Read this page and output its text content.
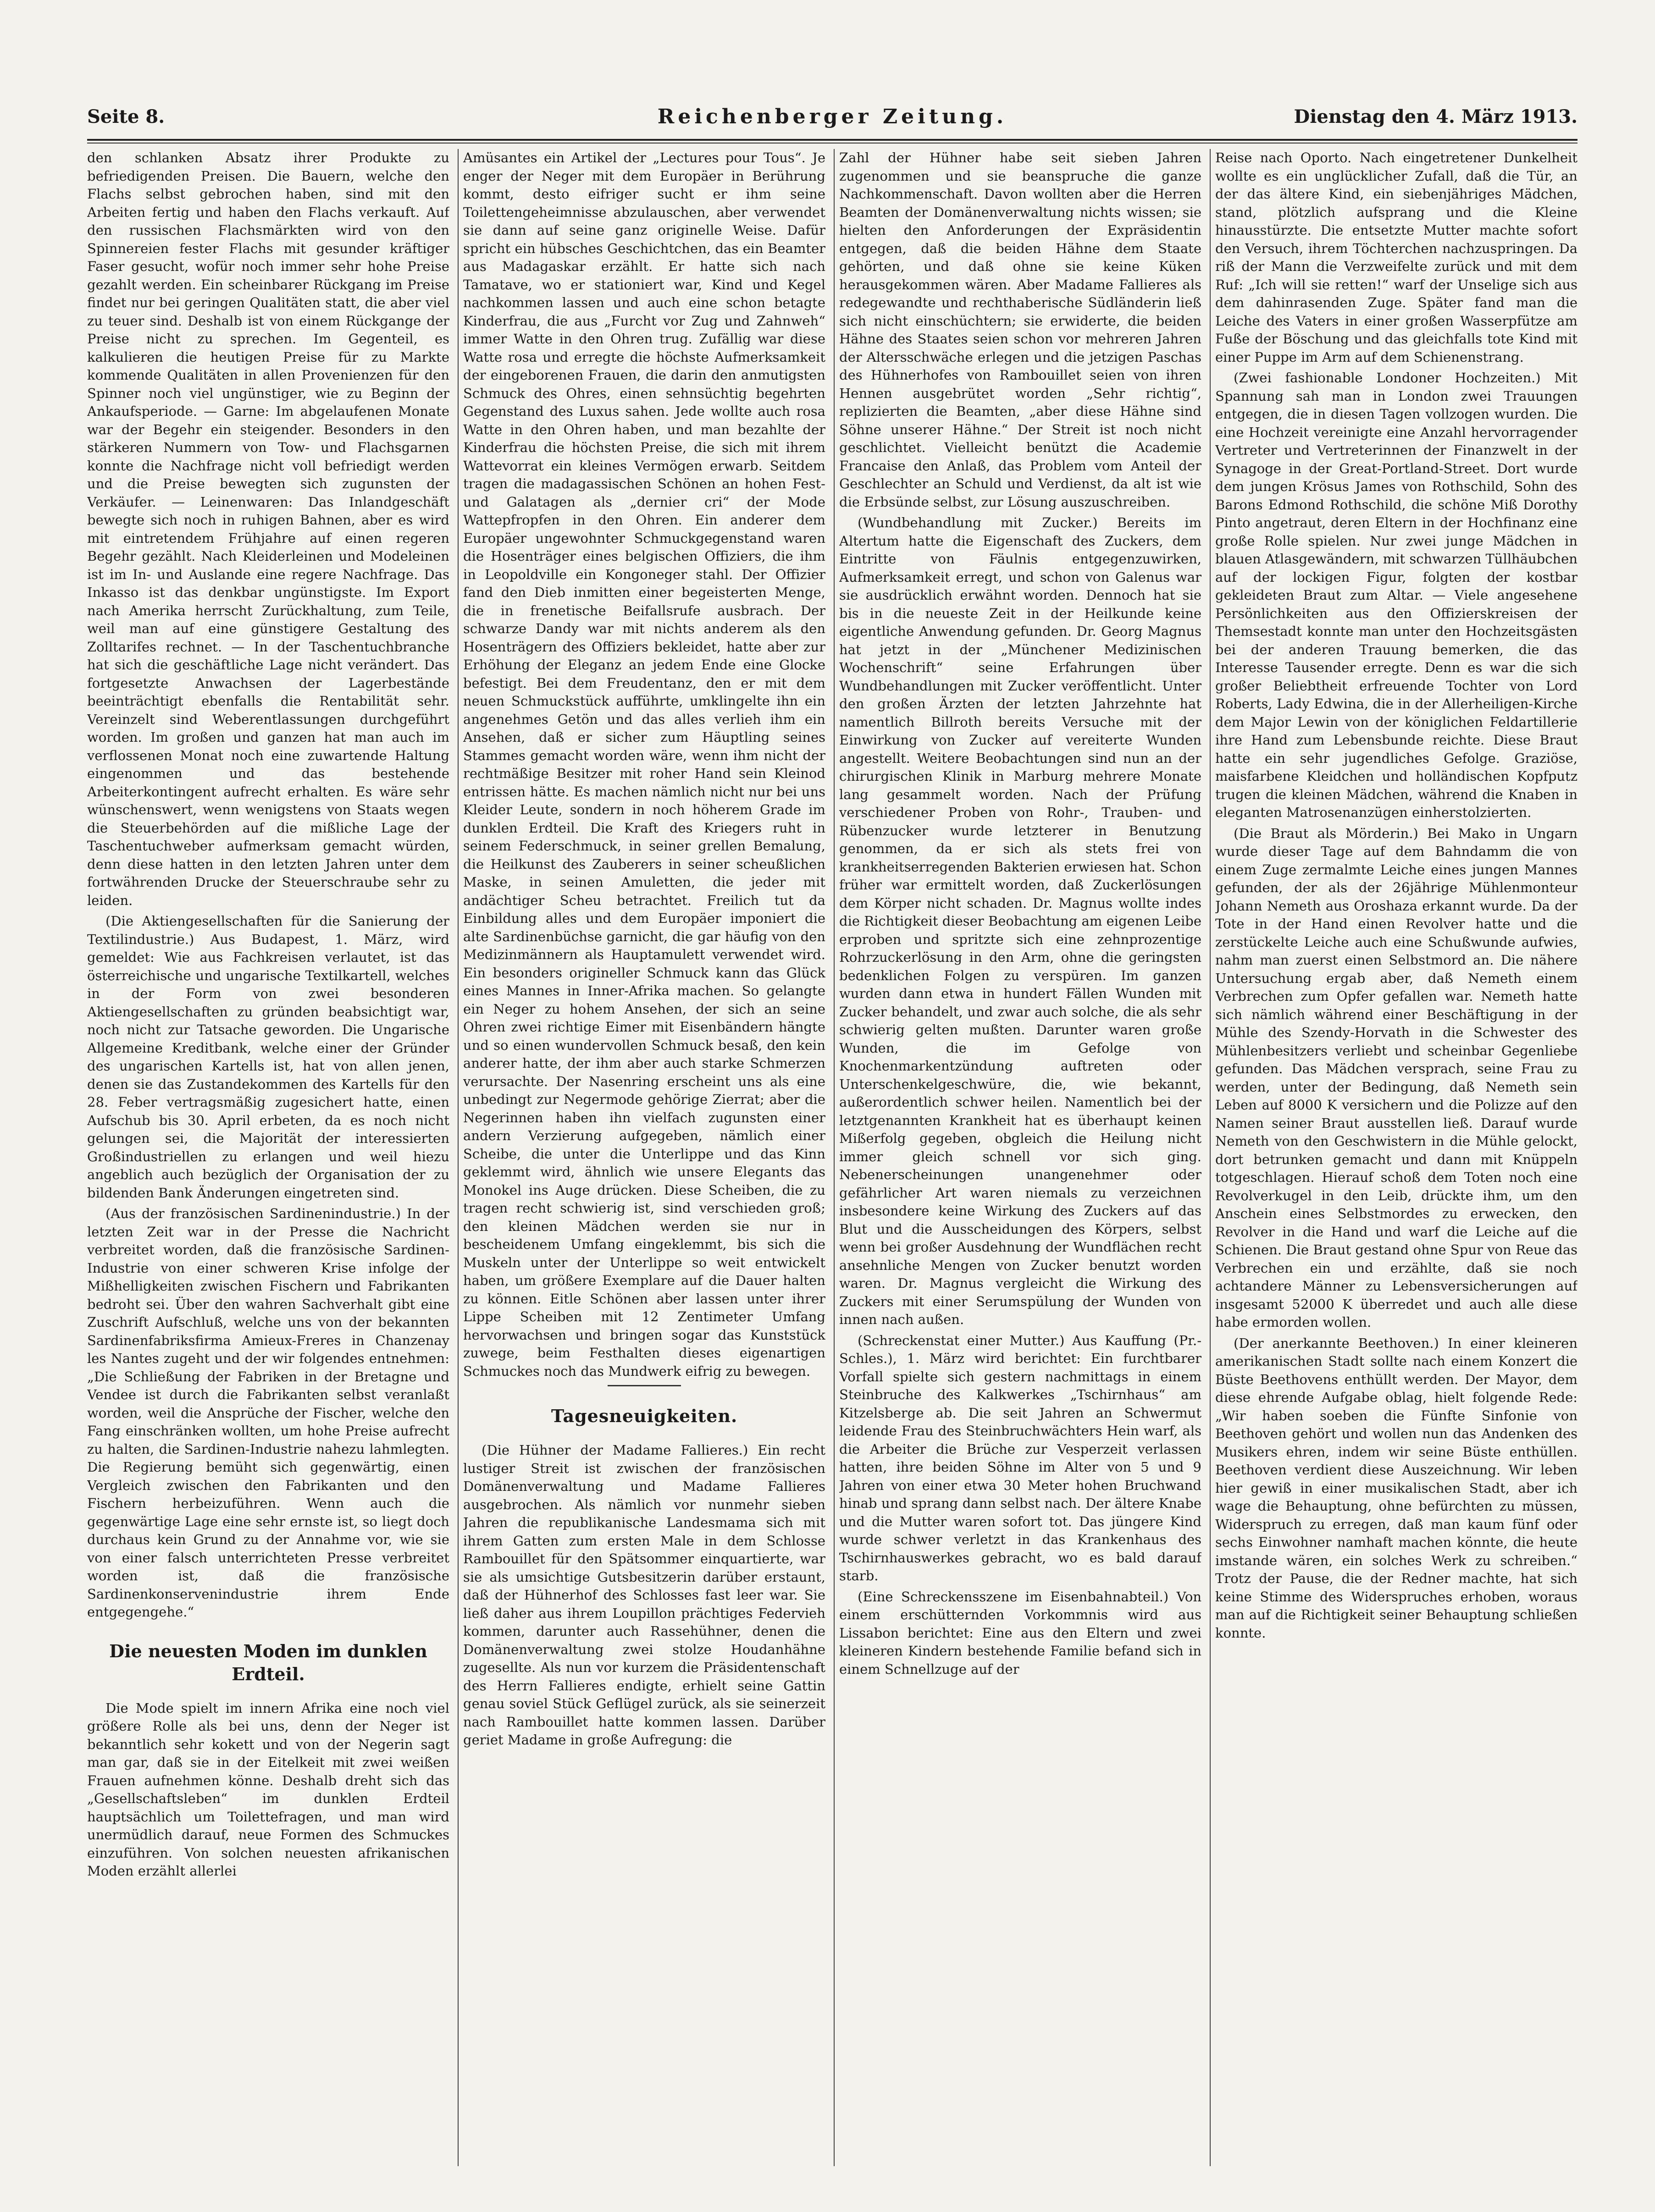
Seite 8.	Reichenberger Zeitung.	Dienstag den 4. März 1913.

den schlanken Absatz ihrer Produkte zu befriedigenden Preisen. Die Bauern, welche den Flachs selbst gebrochen haben, sind mit den Arbeiten fertig und haben den Flachs verkauft. Auf den russischen Flachsmärkten wird von den Spinnereien fester Flachs mit gesunder kräftiger Faser gesucht, wofür noch immer sehr hohe Preise gezahlt werden. Ein scheinbarer Rückgang im Preise findet nur bei geringen Qualitäten statt, die aber viel zu teuer sind. Deshalb ist von einem Rückgange der Preise nicht zu sprechen. Im Gegenteil, es kalkulieren die heutigen Preise für zu Markte kommende Qualitäten in allen Provenienzen für den Spinner noch viel ungünstiger, wie zu Beginn der Ankaufsperiode. — Garne: Im abgelaufenen Monate war der Begehr ein steigender. Besonders in den stärkeren Nummern von Tow- und Flachsgarnen konnte die Nachfrage nicht voll befriedigt werden und die Preise bewegten sich zugunsten der Verkäufer. — Leinenwaren: Das Inlandgeschäft bewegte sich noch in ruhigen Bahnen, aber es wird mit eintretendem Frühjahre auf einen regeren Begehr gezählt. Nach Kleiderleinen und Modeleinen ist im In- und Auslande eine regere Nachfrage. Das Inkasso ist das denkbar ungünstigste. Im Export nach Amerika herrscht Zurückhaltung, zum Teile, weil man auf eine günstigere Gestaltung des Zolltarifes rechnet. — In der Taschentuchbranche hat sich die geschäftliche Lage nicht verändert. Das fortgesetzte Anwachsen der Lagerbestände beeinträchtigt ebenfalls die Rentabilität sehr. Vereinzelt sind Weberentlassungen durchgeführt worden. Im großen und ganzen hat man auch im verflossenen Monat noch eine zuwartende Haltung eingenommen und das bestehende Arbeiterkontingent aufrecht erhalten. Es wäre sehr wünschenswert, wenn wenigstens von Staats wegen die Steuerbehörden auf die mißliche Lage der Taschentuchweber aufmerksam gemacht würden, denn diese hatten in den letzten Jahren unter dem fortwährenden Drucke der Steuerschraube sehr zu leiden.

(Die Aktiengesellschaften für die Sanierung der Textilindustrie.) Aus Budapest, 1. März, wird gemeldet: Wie aus Fachkreisen verlautet, ist das österreichische und ungarische Textilkartell, welches in der Form von zwei besonderen Aktiengesellschaften zu gründen beabsichtigt war, noch nicht zur Tatsache geworden. Die Ungarische Allgemeine Kreditbank, welche einer der Gründer des ungarischen Kartells ist, hat von allen jenen, denen sie das Zustandekommen des Kartells für den 28. Feber vertragsmäßig zugesichert hatte, einen Aufschub bis 30. April erbeten, da es noch nicht gelungen sei, die Majorität der interessierten Großindustriellen zu erlangen und weil hiezu angeblich auch bezüglich der Organisation der zu bildenden Bank Änderungen eingetreten sind.

(Aus der französischen Sardinenindustrie.) In der letzten Zeit war in der Presse die Nachricht verbreitet worden, daß die französische Sardinen-Industrie von einer schweren Krise infolge der Mißhelligkeiten zwischen Fischern und Fabrikanten bedroht sei. Über den wahren Sachverhalt gibt eine Zuschrift Aufschluß, welche uns von der bekannten Sardinenfabriksfirma Amieux-Freres in Chanzenay les Nantes zugeht und der wir folgendes entnehmen: „Die Schließung der Fabriken in der Bretagne und Vendee ist durch die Fabrikanten selbst veranlaßt worden, weil die Ansprüche der Fischer, welche den Fang einschränken wollten, um hohe Preise aufrecht zu halten, die Sardinen-Industrie nahezu lahmlegten. Die Regierung bemüht sich gegenwärtig, einen Vergleich zwischen den Fabrikanten und den Fischern herbeizuführen. Wenn auch die gegenwärtige Lage eine sehr ernste ist, so liegt doch durchaus kein Grund zu der Annahme vor, wie sie von einer falsch unterrichteten Presse verbreitet worden ist, daß die französische Sardinenkonservenindustrie ihrem Ende entgegengehe.“

Die neuesten Moden im dunklen Erdteil.

Die Mode spielt im innern Afrika eine noch viel größere Rolle als bei uns, denn der Neger ist bekanntlich sehr kokett und von der Negerin sagt man gar, daß sie in der Eitelkeit mit zwei weißen Frauen aufnehmen könne. Deshalb dreht sich das „Gesellschaftsleben“ im dunklen Erdteil hauptsächlich um Toilettefragen, und man wird unermüdlich darauf, neue Formen des Schmuckes einzuführen. Von solchen neuesten afrikanischen Moden erzählt allerlei

Amüsantes ein Artikel der „Lectures pour Tous“. Je enger der Neger mit dem Europäer in Berührung kommt, desto eifriger sucht er ihm seine Toilettengeheimnisse abzulauschen, aber verwendet sie dann auf seine ganz originelle Weise. Dafür spricht ein hübsches Geschichtchen, das ein Beamter aus Madagaskar erzählt. Er hatte sich nach Tamatave, wo er stationiert war, Kind und Kegel nachkommen lassen und auch eine schon betagte Kinderfrau, die aus „Furcht vor Zug und Zahnweh“ immer Watte in den Ohren trug. Zufällig war diese Watte rosa und erregte die höchste Aufmerksamkeit der eingeborenen Frauen, die darin den anmutigsten Schmuck des Ohres, einen sehnsüchtig begehrten Gegenstand des Luxus sahen. Jede wollte auch rosa Watte in den Ohren haben, und man bezahlte der Kinderfrau die höchsten Preise, die sich mit ihrem Wattevorrat ein kleines Vermögen erwarb. Seitdem tragen die madagassischen Schönen an hohen Fest- und Galatagen als „dernier cri“ der Mode Wattepfropfen in den Ohren. Ein anderer dem Europäer ungewohnter Schmuckgegenstand waren die Hosenträger eines belgischen Offiziers, die ihm in Leopoldville ein Kongoneger stahl. Der Offizier fand den Dieb inmitten einer begeisterten Menge, die in frenetische Beifallsrufe ausbrach. Der schwarze Dandy war mit nichts anderem als den Hosenträgern des Offiziers bekleidet, hatte aber zur Erhöhung der Eleganz an jedem Ende eine Glocke befestigt. Bei dem Freudentanz, den er mit dem neuen Schmuckstück aufführte, umklingelte ihn ein angenehmes Getön und das alles verlieh ihm ein Ansehen, daß er sicher zum Häuptling seines Stammes gemacht worden wäre, wenn ihm nicht der rechtmäßige Besitzer mit roher Hand sein Kleinod entrissen hätte. Es machen nämlich nicht nur bei uns Kleider Leute, sondern in noch höherem Grade im dunklen Erdteil. Die Kraft des Kriegers ruht in seinem Federschmuck, in seiner grellen Bemalung, die Heilkunst des Zauberers in seiner scheußlichen Maske, in seinen Amuletten, die jeder mit andächtiger Scheu betrachtet. Freilich tut da Einbildung alles und dem Europäer imponiert die alte Sardinenbüchse garnicht, die gar häufig von den Medizinmännern als Hauptamulett verwendet wird. Ein besonders origineller Schmuck kann das Glück eines Mannes in Inner-Afrika machen. So gelangte ein Neger zu hohem Ansehen, der sich an seine Ohren zwei richtige Eimer mit Eisenbändern hängte und so einen wundervollen Schmuck besaß, den kein anderer hatte, der ihm aber auch starke Schmerzen verursachte. Der Nasenring erscheint uns als eine unbedingt zur Negermode gehörige Zierrat; aber die Negerinnen haben ihn vielfach zugunsten einer andern Verzierung aufgegeben, nämlich einer Scheibe, die unter die Unterlippe und das Kinn geklemmt wird, ähnlich wie unsere Elegants das Monokel ins Auge drücken. Diese Scheiben, die zu tragen recht schwierig ist, sind verschieden groß; den kleinen Mädchen werden sie nur in bescheidenem Umfang eingeklemmt, bis sich die Muskeln unter der Unterlippe so weit entwickelt haben, um größere Exemplare auf die Dauer halten zu können. Eitle Schönen aber lassen unter ihrer Lippe Scheiben mit 12 Zentimeter Umfang hervorwachsen und bringen sogar das Kunststück zuwege, beim Festhalten dieses eigenartigen Schmuckes noch das Mundwerk eifrig zu bewegen.

Tagesneuigkeiten.

(Die Hühner der Madame Fallieres.) Ein recht lustiger Streit ist zwischen der französischen Domänenverwaltung und Madame Fallieres ausgebrochen. Als nämlich vor nunmehr sieben Jahren die republikanische Landesmama sich mit ihrem Gatten zum ersten Male in dem Schlosse Rambouillet für den Spätsommer einquartierte, war sie als umsichtige Gutsbesitzerin darüber erstaunt, daß der Hühnerhof des Schlosses fast leer war. Sie ließ daher aus ihrem Loupillon prächtiges Federvieh kommen, darunter auch Rassehühner, denen die Domänenverwaltung zwei stolze Houdanhähne zugesellte. Als nun vor kurzem die Präsidentenschaft des Herrn Fallieres endigte, erhielt seine Gattin genau soviel Stück Geflügel zurück, als sie seinerzeit nach Rambouillet hatte kommen lassen. Darüber geriet Madame in große Aufregung: die

Zahl der Hühner habe seit sieben Jahren zugenommen und sie beanspruche die ganze Nachkommenschaft. Davon wollten aber die Herren Beamten der Domänenverwaltung nichts wissen; sie hielten den Anforderungen der Expräsidentin entgegen, daß die beiden Hähne dem Staate gehörten, und daß ohne sie keine Küken herausgekommen wären. Aber Madame Fallieres als redegewandte und rechthaberische Südländerin ließ sich nicht einschüchtern; sie erwiderte, die beiden Hähne des Staates seien schon vor mehreren Jahren der Altersschwäche erlegen und die jetzigen Paschas des Hühnerhofes von Rambouillet seien von ihren Hennen ausgebrütet worden „Sehr richtig“, replizierten die Beamten, „aber diese Hähne sind Söhne unserer Hähne.“ Der Streit ist noch nicht geschlichtet. Vielleicht benützt die Academie Francaise den Anlaß, das Problem vom Anteil der Geschlechter an Schuld und Verdienst, da alt ist wie die Erbsünde selbst, zur Lösung auszuschreiben.

(Wundbehandlung mit Zucker.) Bereits im Altertum hatte die Eigenschaft des Zuckers, dem Eintritte von Fäulnis entgegenzuwirken, Aufmerksamkeit erregt, und schon von Galenus war sie ausdrücklich erwähnt worden. Dennoch hat sie bis in die neueste Zeit in der Heilkunde keine eigentliche Anwendung gefunden. Dr. Georg Magnus hat jetzt in der „Münchener Medizinischen Wochenschrift“ seine Erfahrungen über Wundbehandlungen mit Zucker veröffentlicht. Unter den großen Ärzten der letzten Jahrzehnte hat namentlich Billroth bereits Versuche mit der Einwirkung von Zucker auf vereiterte Wunden angestellt. Weitere Beobachtungen sind nun an der chirurgischen Klinik in Marburg mehrere Monate lang gesammelt worden. Nach der Prüfung verschiedener Proben von Rohr-, Trauben- und Rübenzucker wurde letzterer in Benutzung genommen, da er sich als stets frei von krankheitserregenden Bakterien erwiesen hat. Schon früher war ermittelt worden, daß Zuckerlösungen dem Körper nicht schaden. Dr. Magnus wollte indes die Richtigkeit dieser Beobachtung am eigenen Leibe erproben und spritzte sich eine zehnprozentige Rohrzuckerlösung in den Arm, ohne die geringsten bedenklichen Folgen zu verspüren. Im ganzen wurden dann etwa in hundert Fällen Wunden mit Zucker behandelt, und zwar auch solche, die als sehr schwierig gelten mußten. Darunter waren große Wunden, die im Gefolge von Knochenmarkentzündung auftreten oder Unterschenkelgeschwüre, die, wie bekannt, außerordentlich schwer heilen. Namentlich bei der letztgenannten Krankheit hat es überhaupt keinen Mißerfolg gegeben, obgleich die Heilung nicht immer gleich schnell vor sich ging. Nebenerscheinungen unangenehmer oder gefährlicher Art waren niemals zu verzeichnen insbesondere keine Wirkung des Zuckers auf das Blut und die Ausscheidungen des Körpers, selbst wenn bei großer Ausdehnung der Wundflächen recht ansehnliche Mengen von Zucker benutzt worden waren. Dr. Magnus vergleicht die Wirkung des Zuckers mit einer Serumspülung der Wunden von innen nach außen.

(Schreckenstat einer Mutter.) Aus Kauffung (Pr.-Schles.), 1. März wird berichtet: Ein furchtbarer Vorfall spielte sich gestern nachmittags in einem Steinbruche des Kalkwerkes „Tschirnhaus“ am Kitzelsberge ab. Die seit Jahren an Schwermut leidende Frau des Steinbruchwächters Hein warf, als die Arbeiter die Brüche zur Vesperzeit verlassen hatten, ihre beiden Söhne im Alter von 5 und 9 Jahren von einer etwa 30 Meter hohen Bruchwand hinab und sprang dann selbst nach. Der ältere Knabe und die Mutter waren sofort tot. Das jüngere Kind wurde schwer verletzt in das Krankenhaus des Tschirnhauswerkes gebracht, wo es bald darauf starb.

(Eine Schreckensszene im Eisenbahnabteil.) Von einem erschütternden Vorkommnis wird aus Lissabon berichtet: Eine aus den Eltern und zwei kleineren Kindern bestehende Familie befand sich in einem Schnellzuge auf der

Reise nach Oporto. Nach eingetretener Dunkelheit wollte es ein unglücklicher Zufall, daß die Tür, an der das ältere Kind, ein siebenjähriges Mädchen, stand, plötzlich aufsprang und die Kleine hinausstürzte. Die entsetzte Mutter machte sofort den Versuch, ihrem Töchterchen nachzuspringen. Da riß der Mann die Verzweifelte zurück und mit dem Ruf: „Ich will sie retten!“ warf der Unselige sich aus dem dahinrasenden Zuge. Später fand man die Leiche des Vaters in einer großen Wasserpfütze am Fuße der Böschung und das gleichfalls tote Kind mit einer Puppe im Arm auf dem Schienenstrang.

(Zwei fashionable Londoner Hochzeiten.) Mit Spannung sah man in London zwei Trauungen entgegen, die in diesen Tagen vollzogen wurden. Die eine Hochzeit vereinigte eine Anzahl hervorragender Vertreter und Vertreterinnen der Finanzwelt in der Synagoge in der Great-Portland-Street. Dort wurde dem jungen Krösus James von Rothschild, Sohn des Barons Edmond Rothschild, die schöne Miß Dorothy Pinto angetraut, deren Eltern in der Hochfinanz eine große Rolle spielen. Nur zwei junge Mädchen in blauen Atlasgewändern, mit schwarzen Tüllhäubchen auf der lockigen Figur, folgten der kostbar gekleideten Braut zum Altar. — Viele angesehene Persönlichkeiten aus den Offizierskreisen der Themsestadt konnte man unter den Hochzeitsgästen bei der anderen Trauung bemerken, die das Interesse Tausender erregte. Denn es war die sich großer Beliebtheit erfreuende Tochter von Lord Roberts, Lady Edwina, die in der Allerheiligen-Kirche dem Major Lewin von der königlichen Feldartillerie ihre Hand zum Lebensbunde reichte. Diese Braut hatte ein sehr jugendliches Gefolge. Graziöse, maisfarbene Kleidchen und holländischen Kopfputz trugen die kleinen Mädchen, während die Knaben in eleganten Matrosenanzügen einherstolzierten.

(Die Braut als Mörderin.) Bei Mako in Ungarn wurde dieser Tage auf dem Bahndamm die von einem Zuge zermalmte Leiche eines jungen Mannes gefunden, der als der 26jährige Mühlenmonteur Johann Nemeth aus Oroshaza erkannt wurde. Da der Tote in der Hand einen Revolver hatte und die zerstückelte Leiche auch eine Schußwunde aufwies, nahm man zuerst einen Selbstmord an. Die nähere Untersuchung ergab aber, daß Nemeth einem Verbrechen zum Opfer gefallen war. Nemeth hatte sich nämlich während einer Beschäftigung in der Mühle des Szendy-Horvath in die Schwester des Mühlenbesitzers verliebt und scheinbar Gegenliebe gefunden. Das Mädchen versprach, seine Frau zu werden, unter der Bedingung, daß Nemeth sein Leben auf 8000 K versichern und die Polizze auf den Namen seiner Braut ausstellen ließ. Darauf wurde Nemeth von den Geschwistern in die Mühle gelockt, dort betrunken gemacht und dann mit Knüppeln totgeschlagen. Hierauf schoß dem Toten noch eine Revolverkugel in den Leib, drückte ihm, um den Anschein eines Selbstmordes zu erwecken, den Revolver in die Hand und warf die Leiche auf die Schienen. Die Braut gestand ohne Spur von Reue das Verbrechen ein und erzählte, daß sie noch achtandere Männer zu Lebensversicherungen auf insgesamt 52000 K überredet und auch alle diese habe ermorden wollen.

(Der anerkannte Beethoven.) In einer kleineren amerikanischen Stadt sollte nach einem Konzert die Büste Beethovens enthüllt werden. Der Mayor, dem diese ehrende Aufgabe oblag, hielt folgende Rede: „Wir haben soeben die Fünfte Sinfonie von Beethoven gehört und wollen nun das Andenken des Musikers ehren, indem wir seine Büste enthüllen. Beethoven verdient diese Auszeichnung. Wir leben hier gewiß in einer musikalischen Stadt, aber ich wage die Behauptung, ohne befürchten zu müssen, Widerspruch zu erregen, daß man kaum fünf oder sechs Einwohner namhaft machen könnte, die heute imstande wären, ein solches Werk zu schreiben.“ Trotz der Pause, die der Redner machte, hat sich keine Stimme des Widerspruches erhoben, woraus man auf die Richtigkeit seiner Behauptung schließen konnte.
